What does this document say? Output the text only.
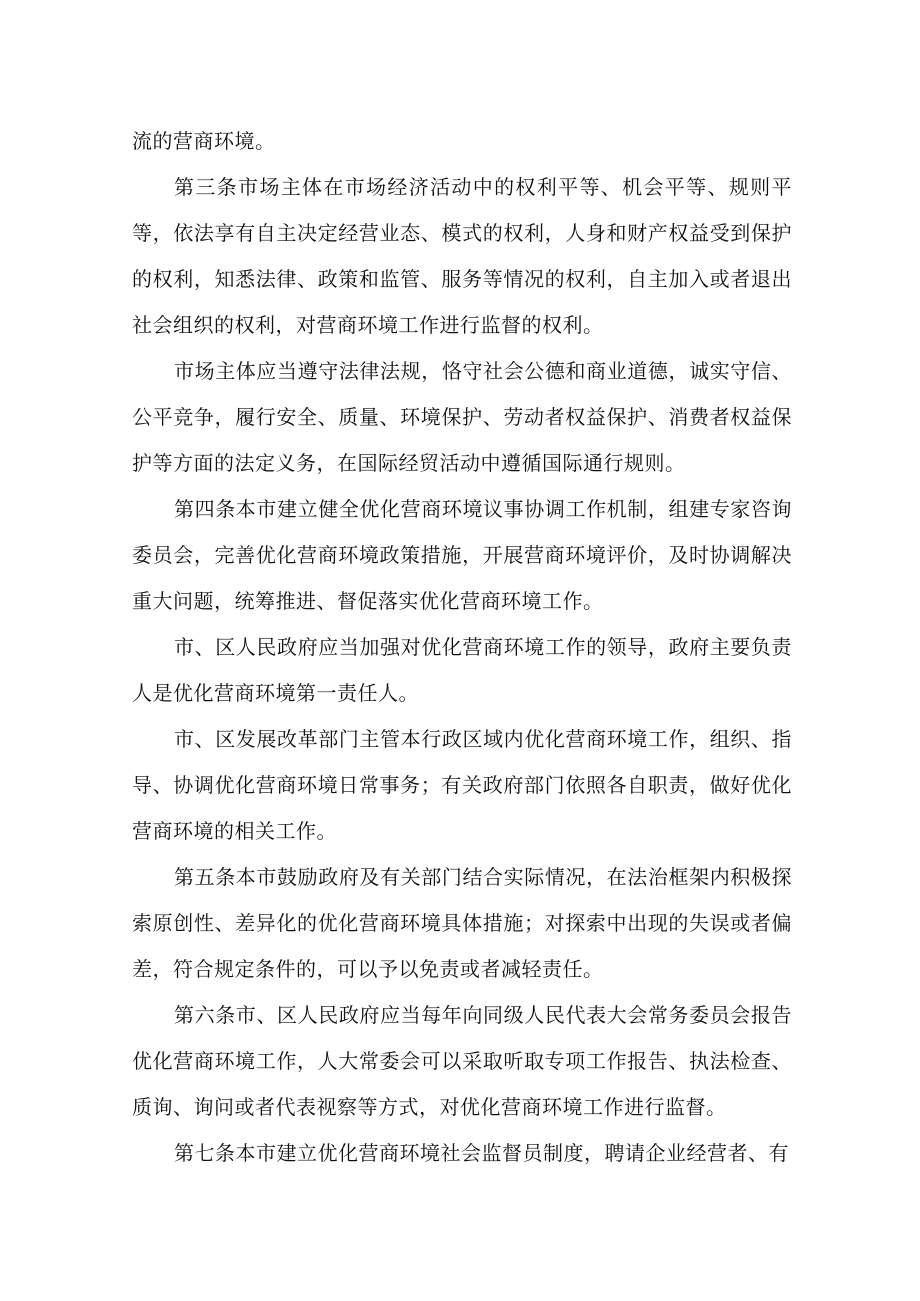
流的营商环境。

第三条市场主体在市场经济活动中的权利平等、机会平等、规则平等，依法享有自主决定经营业态、模式的权利，人身和财产权益受到保护的权利，知悉法律、政策和监管、服务等情况的权利，自主加入或者退出社会组织的权利，对营商环境工作进行监督的权利。

市场主体应当遵守法律法规，恪守社会公德和商业道德，诚实守信、公平竞争，履行安全、质量、环境保护、劳动者权益保护、消费者权益保护等方面的法定义务，在国际经贸活动中遵循国际通行规则。

第四条本市建立健全优化营商环境议事协调工作机制，组建专家咨询委员会，完善优化营商环境政策措施，开展营商环境评价，及时协调解决重大问题，统筹推进、督促落实优化营商环境工作。

市、区人民政府应当加强对优化营商环境工作的领导，政府主要负责人是优化营商环境第一责任人。

市、区发展改革部门主管本行政区域内优化营商环境工作，组织、指导、协调优化营商环境日常事务；有关政府部门依照各自职责，做好优化营商环境的相关工作。

第五条本市鼓励政府及有关部门结合实际情况，在法治框架内积极探索原创性、差异化的优化营商环境具体措施；对探索中出现的失误或者偏差，符合规定条件的，可以予以免责或者减轻责任。

第六条市、区人民政府应当每年向同级人民代表大会常务委员会报告优化营商环境工作，人大常委会可以采取听取专项工作报告、执法检查、质询、询问或者代表视察等方式，对优化营商环境工作进行监督。

第七条本市建立优化营商环境社会监督员制度，聘请企业经营者、有
